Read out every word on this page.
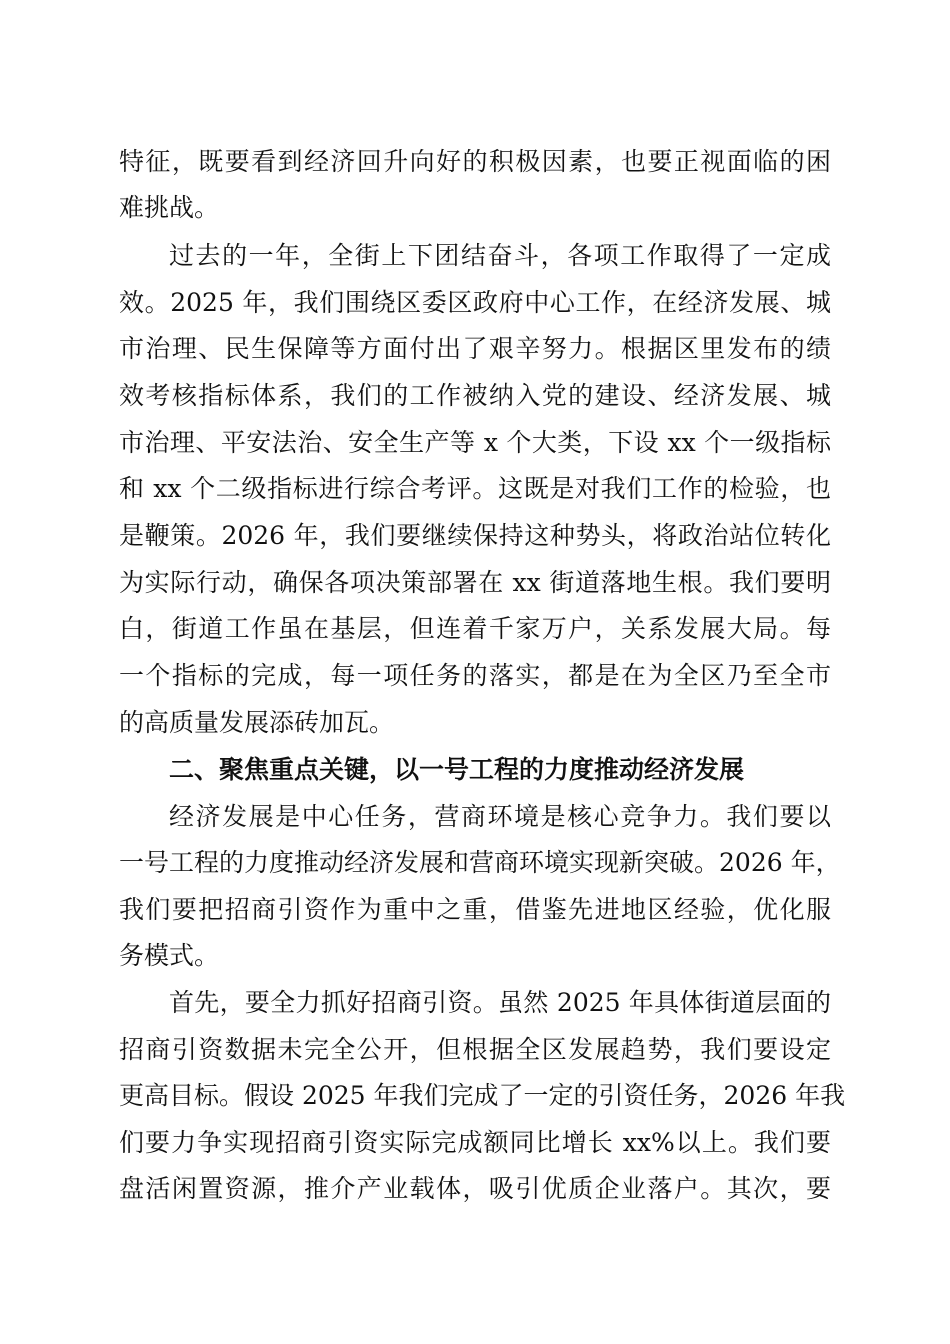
特征，既要看到经济回升向好的积极因素，也要正视面临的困
难挑战。
过去的一年，全街上下团结奋斗，各项工作取得了一定成
效。2025 年，我们围绕区委区政府中心工作，在经济发展、城
市治理、民生保障等方面付出了艰辛努力。根据区里发布的绩
效考核指标体系，我们的工作被纳入党的建设、经济发展、城
市治理、平安法治、安全生产等 x 个大类，下设 xx 个一级指标
和 xx 个二级指标进行综合考评。这既是对我们工作的检验，也
是鞭策。2026 年，我们要继续保持这种势头，将政治站位转化
为实际行动，确保各项决策部署在 xx 街道落地生根。我们要明
白，街道工作虽在基层，但连着千家万户，关系发展大局。每
一个指标的完成，每一项任务的落实，都是在为全区乃至全市
的高质量发展添砖加瓦。
二、聚焦重点关键，以一号工程的力度推动经济发展
经济发展是中心任务，营商环境是核心竞争力。我们要以
一号工程的力度推动经济发展和营商环境实现新突破。2026 年，
我们要把招商引资作为重中之重，借鉴先进地区经验，优化服
务模式。
首先，要全力抓好招商引资。虽然 2025 年具体街道层面的
招商引资数据未完全公开，但根据全区发展趋势，我们要设定
更高目标。假设 2025 年我们完成了一定的引资任务，2026 年我
们要力争实现招商引资实际完成额同比增长 xx%以上。我们要
盘活闲置资源，推介产业载体，吸引优质企业落户。其次，要
